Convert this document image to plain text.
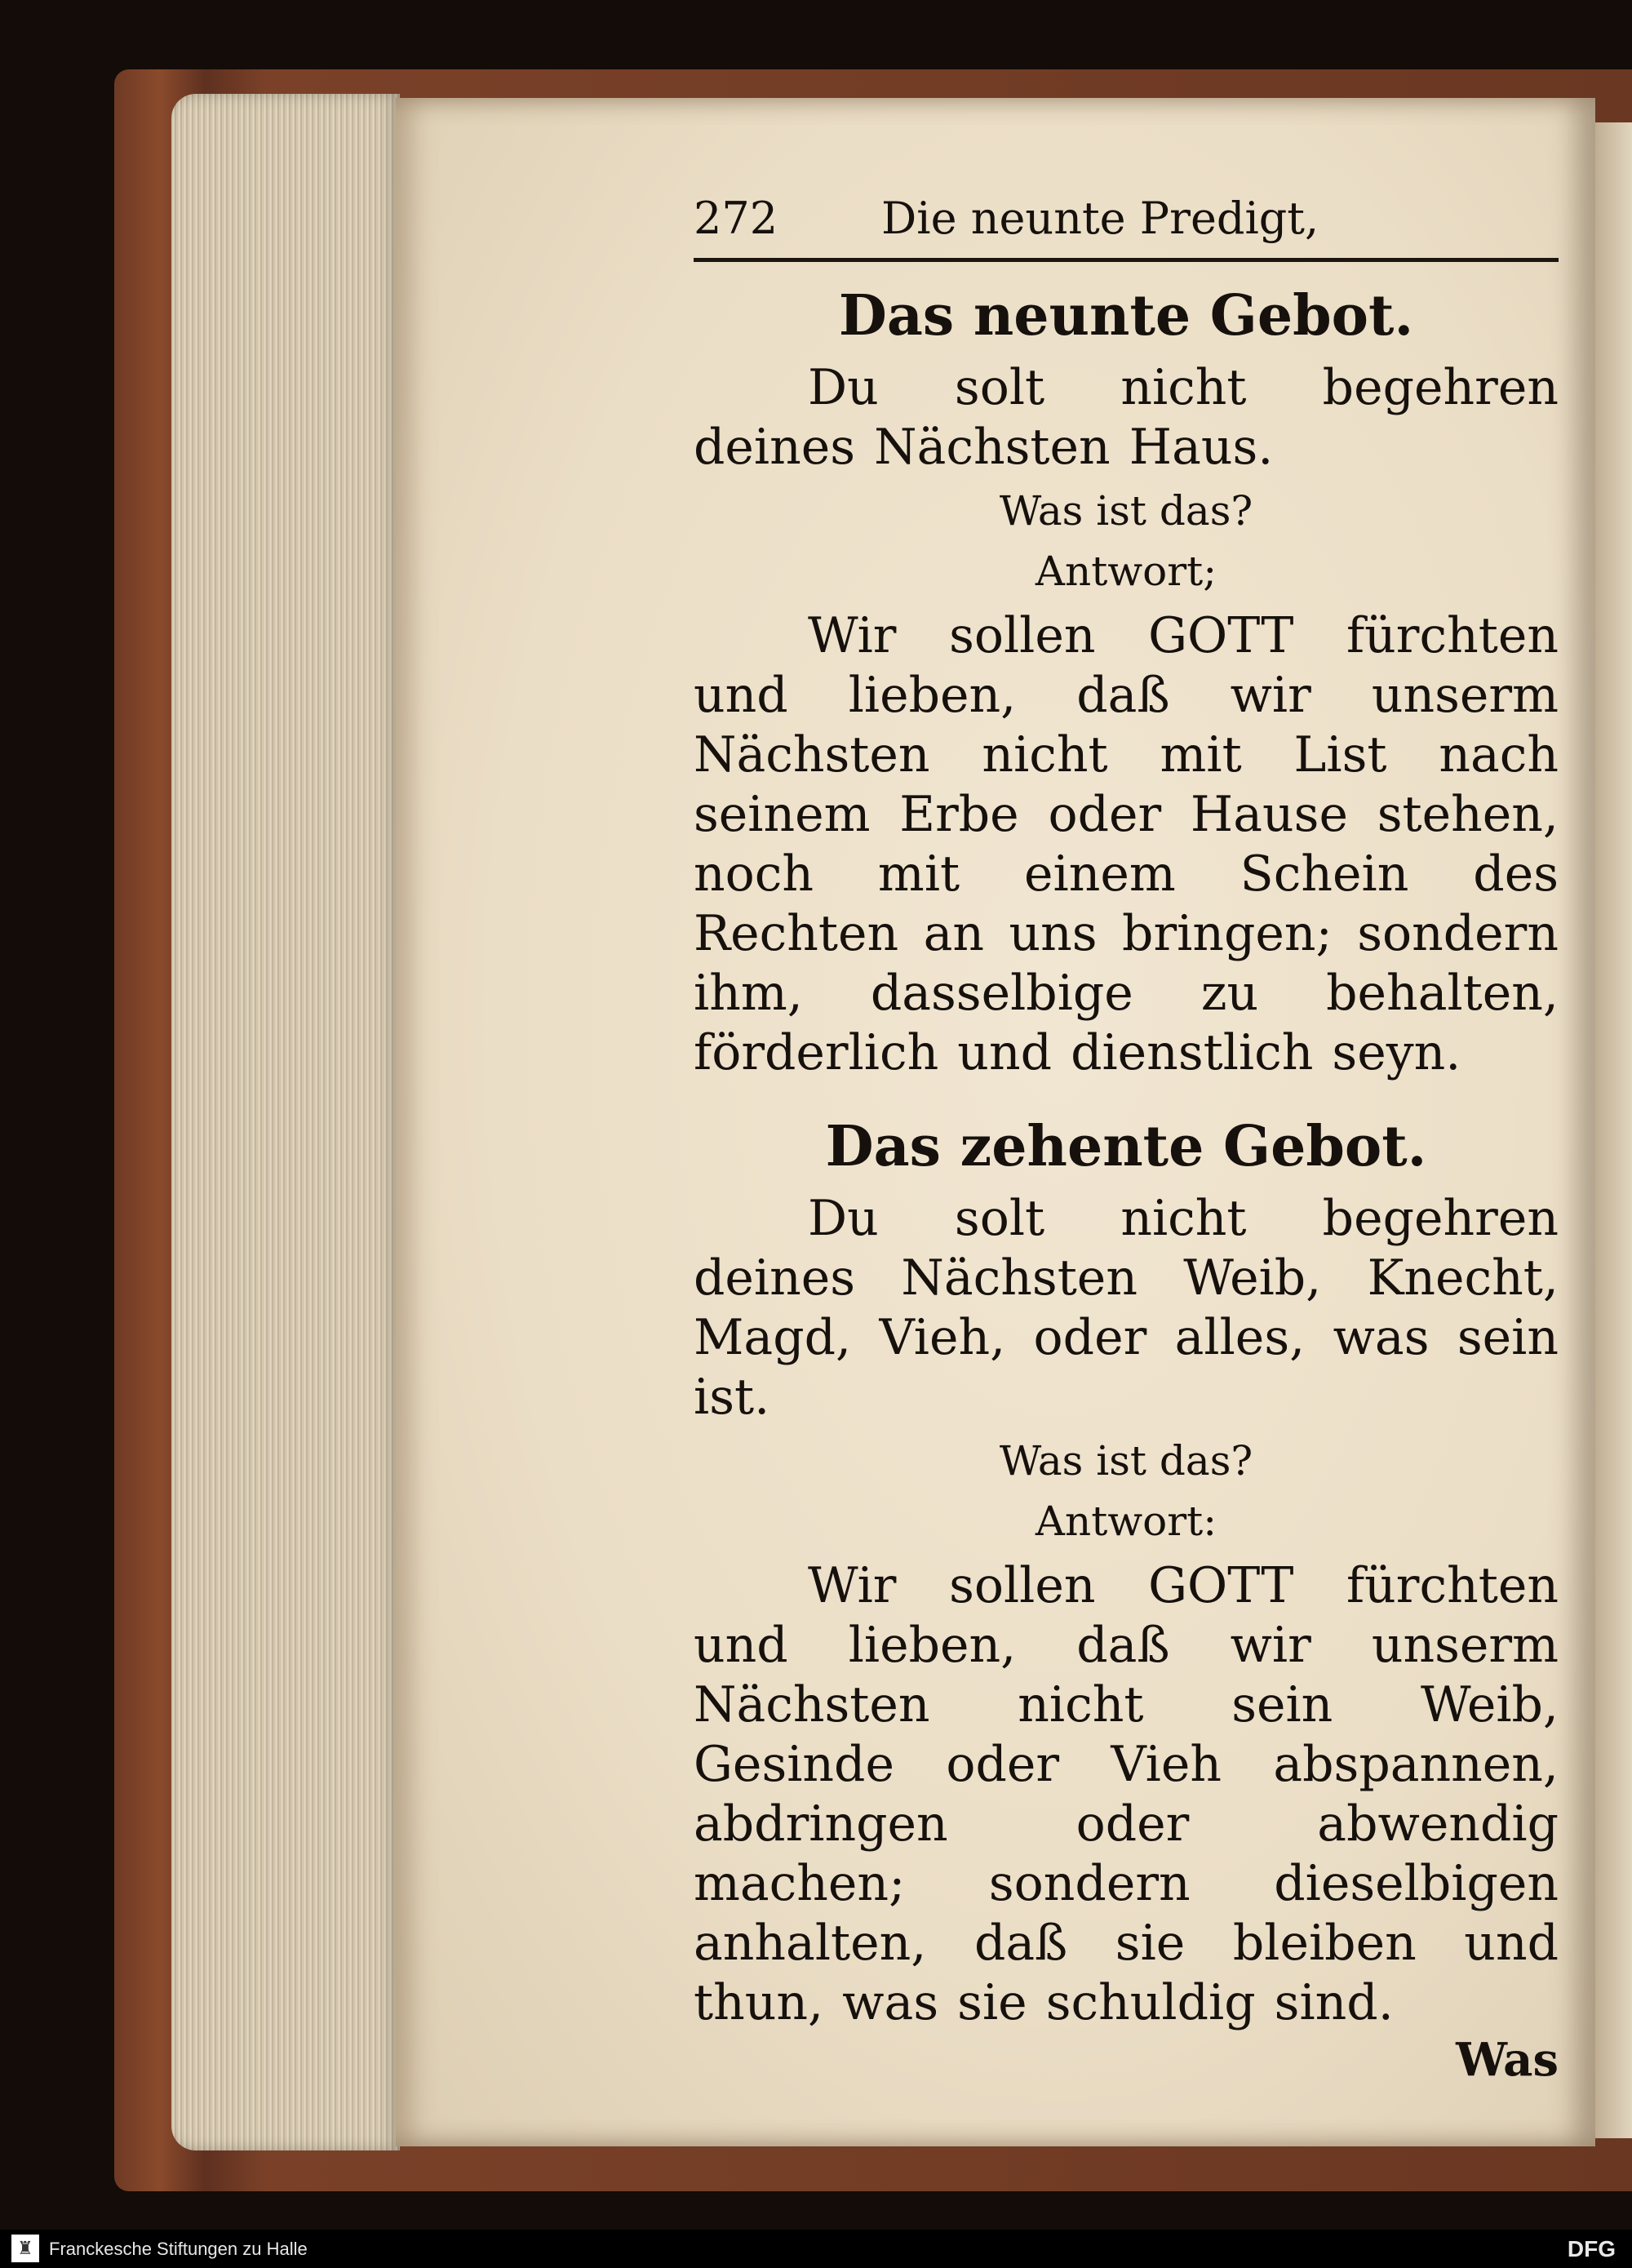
272 Die neunte Predigt,

Das neunte Gebot.

Du solt nicht begehren deines Nächsten Haus.

Was ist das?

Antwort;

Wir sollen GOTT fürchten und lieben, daß wir unserm Nächsten nicht mit List nach seinem Erbe oder Hause stehen, noch mit einem Schein des Rechten an uns bringen; sondern ihm, dasselbige zu behalten, förderlich und dienstlich seyn.

Das zehente Gebot.

Du solt nicht begehren deines Nächsten Weib, Knecht, Magd, Vieh, oder alles, was sein ist.

Was ist das?

Antwort:

Wir sollen GOTT fürchten und lieben, daß wir unserm Nächsten nicht sein Weib, Gesinde oder Vieh abspannen, abdringen oder abwendig machen; sondern dieselbigen anhalten, daß sie bleiben und thun, was sie schuldig sind.

Was
♜ Franckesche Stiftungen zu Halle	DFG
